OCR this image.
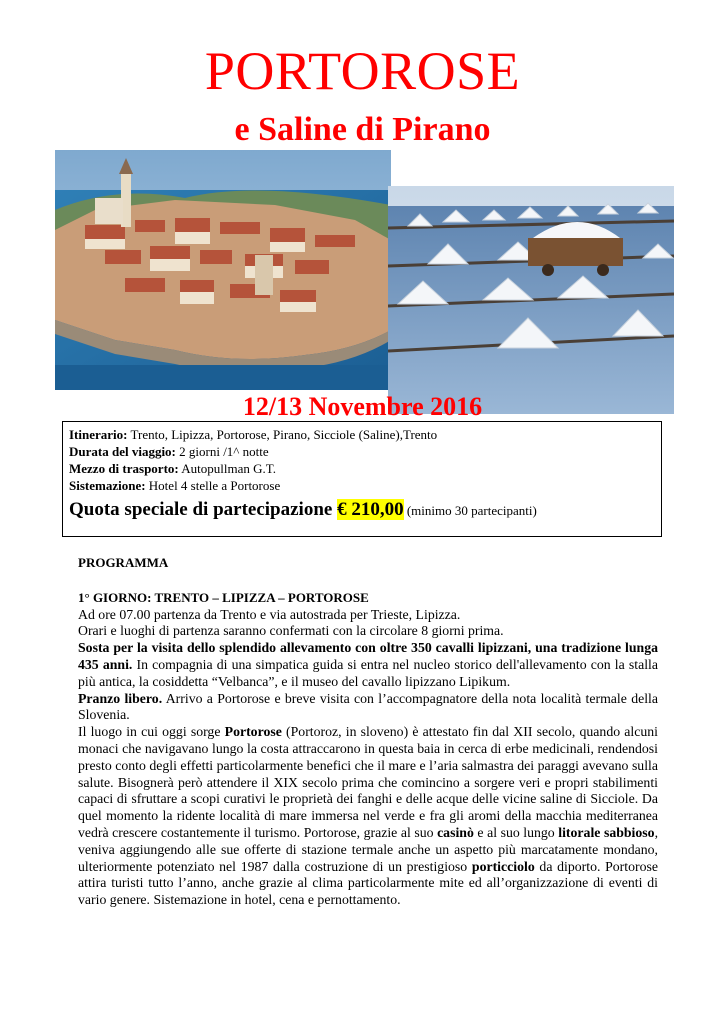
PORTOROSE
e Saline di Pirano
12/13 Novembre 2016
Itinerario: Trento, Lipizza, Portorose, Pirano, Sicciole (Saline),Trento
Durata del viaggio: 2 giorni /1^ notte
Mezzo di trasporto: Autopullman G.T.
Sistemazione: Hotel 4 stelle a Portorose
Quota speciale di partecipazione € 210,00 (minimo 30 partecipanti)

PROGRAMMA

1° GIORNO: TRENTO – LIPIZZA – PORTOROSE

Ad ore 07.00 partenza da Trento e via autostrada per Trieste, Lipizza.

Orari e luoghi di partenza saranno confermati con la circolare 8 giorni prima.

Sosta per la visita dello splendido allevamento con oltre 350 cavalli lipizzani, una tradizione lunga 435 anni. In compagnia di una simpatica guida si entra nel nucleo storico dell'allevamento con la stalla più antica, la cosiddetta “Velbanca”, e il museo del cavallo lipizzano Lipikum.

Pranzo libero. Arrivo a Portorose e breve visita con l’accompagnatore della nota località termale della Slovenia.

Il luogo in cui oggi sorge Portorose (Portoroz, in sloveno) è attestato fin dal XII secolo, quando alcuni monaci che navigavano lungo la costa attraccarono in questa baia in cerca di erbe medicinali, rendendosi presto conto degli effetti particolarmente benefici che il mare e l’aria salmastra dei paraggi avevano sulla salute. Bisognerà però attendere il XIX secolo prima che comincino a sorgere veri e propri stabilimenti capaci di sfruttare a scopi curativi le proprietà dei fanghi e delle acque delle vicine saline di Sicciole. Da quel momento la ridente località di mare immersa nel verde e fra gli aromi della macchia mediterranea vedrà crescere costantemente il turismo. Portorose, grazie al suo casinò e al suo lungo litorale sabbioso, veniva aggiungendo alle sue offerte di stazione termale anche un aspetto più marcatamente mondano, ulteriormente potenziato nel 1987 dalla costruzione di un prestigioso porticciolo da diporto. Portorose attira turisti tutto l’anno, anche grazie al clima particolarmente mite ed all’organizzazione di eventi di vario genere. Sistemazione in hotel, cena e pernottamento.
